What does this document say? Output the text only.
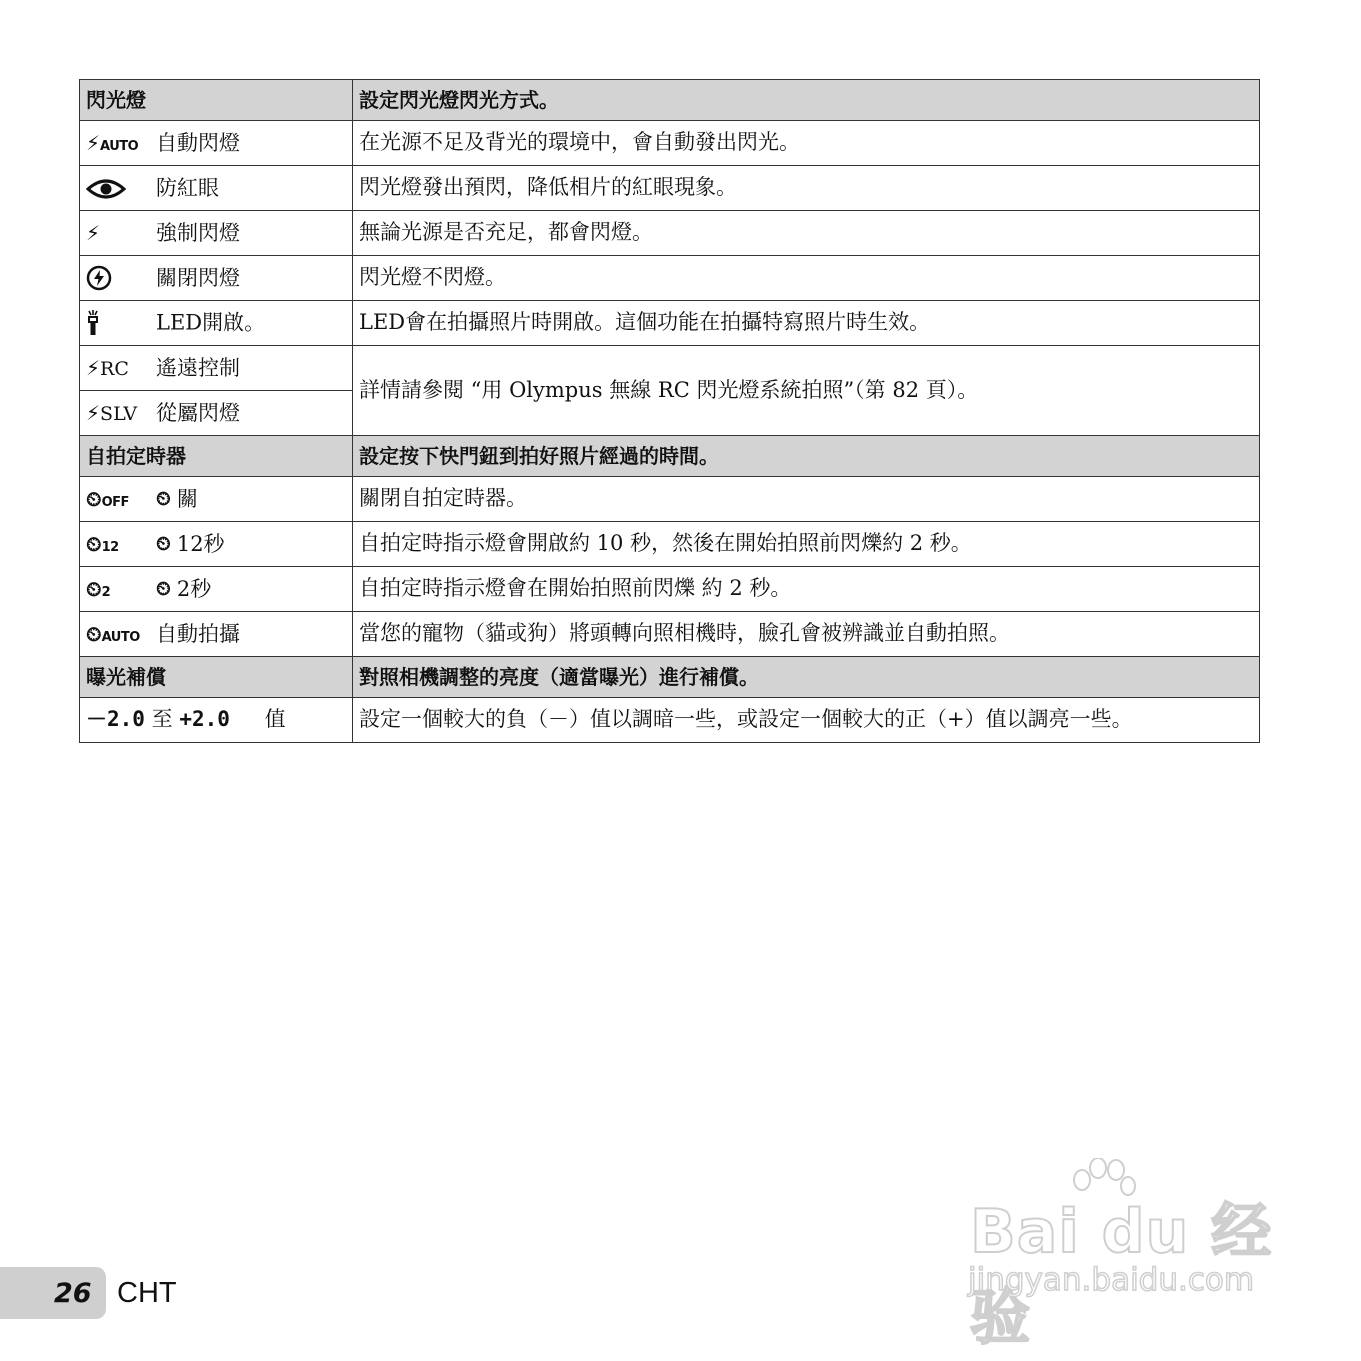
閃光燈	設定閃光燈閃光方式。
⚡AUTO 自動閃燈	在光源不足及背光的環境中，會自動發出閃光。
防紅眼	閃光燈發出預閃，降低相片的紅眼現象。
⚡ 強制閃燈	無論光源是否充足，都會閃燈。
關閉閃燈	閃光燈不閃燈。
LED開啟。	LED會在拍攝照片時開啟。這個功能在拍攝特寫照片時生效。
⚡RC 遙遠控制	詳情請參閱 “用 Olympus 無線 RC 閃光燈系統拍照”（第 82 頁）。
⚡SLV 從屬閃燈	
自拍定時器	設定按下快門鈕到拍好照片經過的時間。
⏲OFF ⏲ 關	關閉自拍定時器。
⏲12 ⏲ 12秒	自拍定時指示燈會開啟約 10 秒，然後在開始拍照前閃爍約 2 秒。
⏲2 ⏲ 2秒	自拍定時指示燈會在開始拍照前閃爍 約 2 秒。
⏲AUTO 自動拍攝	當您的寵物（貓或狗）將頭轉向照相機時，臉孔會被辨識並自動拍照。
曝光補償	對照相機調整的亮度（適當曝光）進行補償。
－2.0 至 +2.0 值	設定一個較大的負（－）值以調暗一些，或設定一個較大的正（+）值以調亮一些。
26 CHT
Bai du 经验
jingyan.baidu.com
